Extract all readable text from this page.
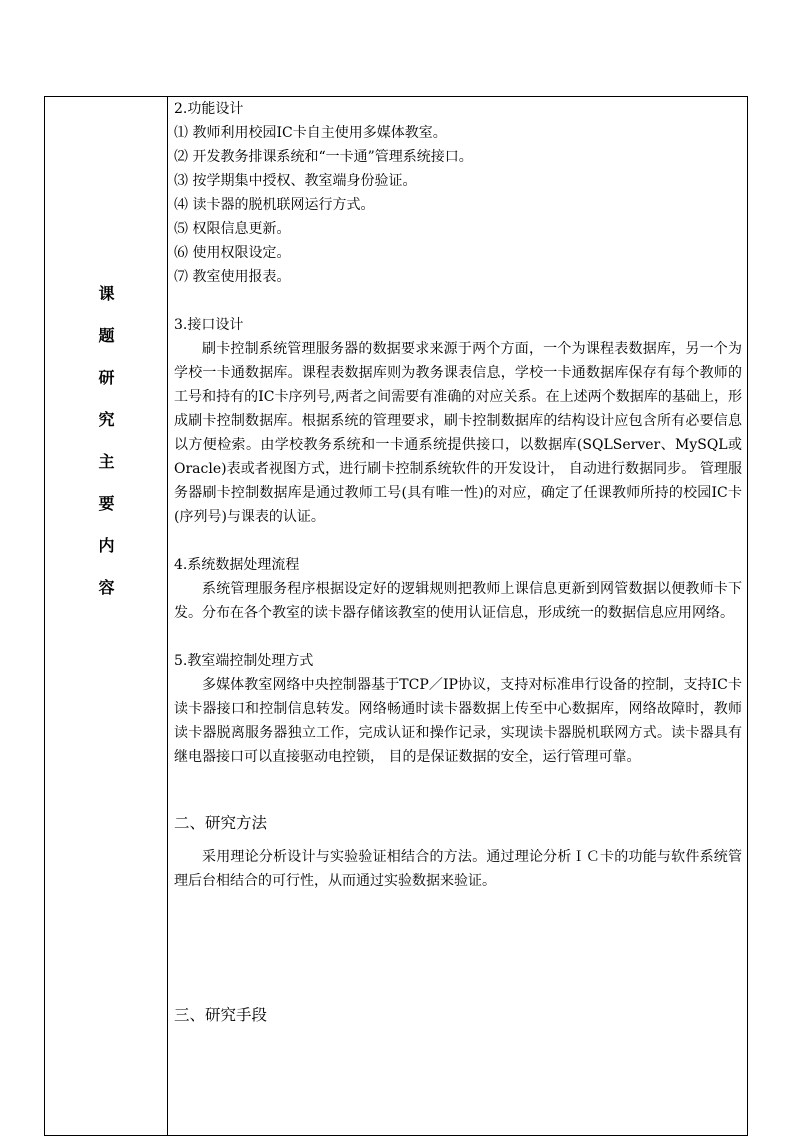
课
题
研
究
主
要
内
容
2.功能设计
⑴ 教师利用校园IC卡自主使用多媒体教室。
⑵ 开发教务排课系统和“一卡通”管理系统接口。
⑶ 按学期集中授权、教室端身份验证。
⑷ 读卡器的脱机联网运行方式。
⑸ 权限信息更新。
⑹ 使用权限设定。
⑺ 教室使用报表。
3.接口设计
刷卡控制系统管理服务器的数据要求来源于两个方面，一个为课程表数据库，另一个为学校一卡通数据库。课程表数据库则为教务课表信息，学校一卡通数据库保存有每个教师的工号和持有的IC卡序列号,两者之间需要有准确的对应关系。在上述两个数据库的基础上，形成刷卡控制数据库。根据系统的管理要求，刷卡控制数据库的结构设计应包含所有必要信息以方便检索。由学校教务系统和一卡通系统提供接口，以数据库(SQLServer、MySQL或Oracle)表或者视图方式，进行刷卡控制系统软件的开发设计， 自动进行数据同步。 管理服务器刷卡控制数据库是通过教师工号(具有唯一性)的对应，确定了任课教师所持的校园IC卡(序列号)与课表的认证。
4.系统数据处理流程
系统管理服务程序根据设定好的逻辑规则把教师上课信息更新到网管数据以便教师卡下发。分布在各个教室的读卡器存储该教室的使用认证信息，形成统一的数据信息应用网络。
5.教室端控制处理方式
多媒体教室网络中央控制器基于TCP／IP协议，支持对标准串行设备的控制，支持IC卡读卡器接口和控制信息转发。网络畅通时读卡器数据上传至中心数据库，网络故障时，教师读卡器脱离服务器独立工作，完成认证和操作记录，实现读卡器脱机联网方式。读卡器具有继电器接口可以直接驱动电控锁， 目的是保证数据的安全，运行管理可靠。
二、研究方法
采用理论分析设计与实验验证相结合的方法。通过理论分析ＩＣ卡的功能与软件系统管理后台相结合的可行性，从而通过实验数据来验证。
三、研究手段
